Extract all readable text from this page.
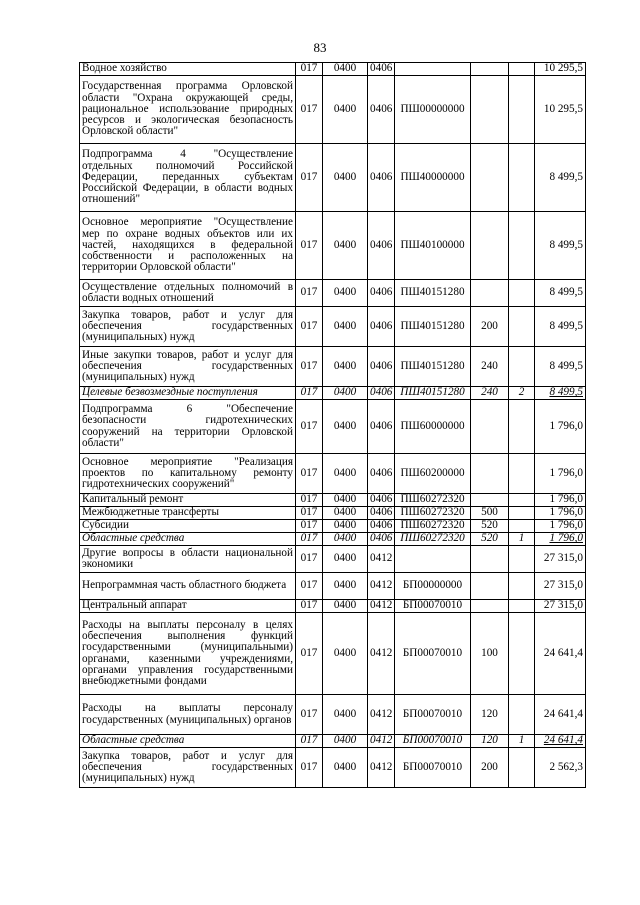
83
Водное хозяйство	017	0400	0406				10 295,5
Государственная программа Орловской области "Охрана окружающей среды, рациональное использование природных ресурсов и экологическая безопасность Орловской области"	017	0400	0406	ПШ00000000			10 295,5
Подпрограмма 4 "Осуществление отдельных полномочий Российской Федерации, переданных субъектам Российской Федерации, в области водных отношений"	017	0400	0406	ПШ40000000			8 499,5
Основное мероприятие "Осуществление мер по охране водных объектов или их частей, находящихся в федеральной собственности и расположенных на территории Орловской области"	017	0400	0406	ПШ40100000			8 499,5
Осуществление отдельных полномочий в области водных отношений	017	0400	0406	ПШ40151280			8 499,5
Закупка товаров, работ и услуг для обеспечения государственных (муниципальных) нужд	017	0400	0406	ПШ40151280	200		8 499,5
Иные закупки товаров, работ и услуг для обеспечения государственных (муниципальных) нужд	017	0400	0406	ПШ40151280	240		8 499,5
Целевые безвозмездные поступления	017	0400	0406	ПШ40151280	240	2	8 499,5
Подпрограмма 6 "Обеспечение безопасности гидротехнических сооружений на территории Орловской области"	017	0400	0406	ПШ60000000			1 796,0
Основное мероприятие "Реализация проектов по капитальному ремонту гидротехнических сооружений"	017	0400	0406	ПШ60200000			1 796,0
Капитальный ремонт	017	0400	0406	ПШ60272320			1 796,0
Межбюджетные трансферты	017	0400	0406	ПШ60272320	500		1 796,0
Субсидии	017	0400	0406	ПШ60272320	520		1 796,0
Областные средства	017	0400	0406	ПШ60272320	520	1	1 796,0
Другие вопросы в области национальной экономики	017	0400	0412				27 315,0
Непрограммная часть областного бюджета	017	0400	0412	БП00000000			27 315,0
Центральный аппарат	017	0400	0412	БП00070010			27 315,0
Расходы на выплаты персоналу в целях обеспечения выполнения функций государственными (муниципальными) органами, казенными учреждениями, органами управления государственными внебюджетными фондами	017	0400	0412	БП00070010	100		24 641,4
Расходы на выплаты персоналу государственных (муниципальных) органов	017	0400	0412	БП00070010	120		24 641,4
Областные средства	017	0400	0412	БП00070010	120	1	24 641,4
Закупка товаров, работ и услуг для обеспечения государственных (муниципальных) нужд	017	0400	0412	БП00070010	200		2 562,3
